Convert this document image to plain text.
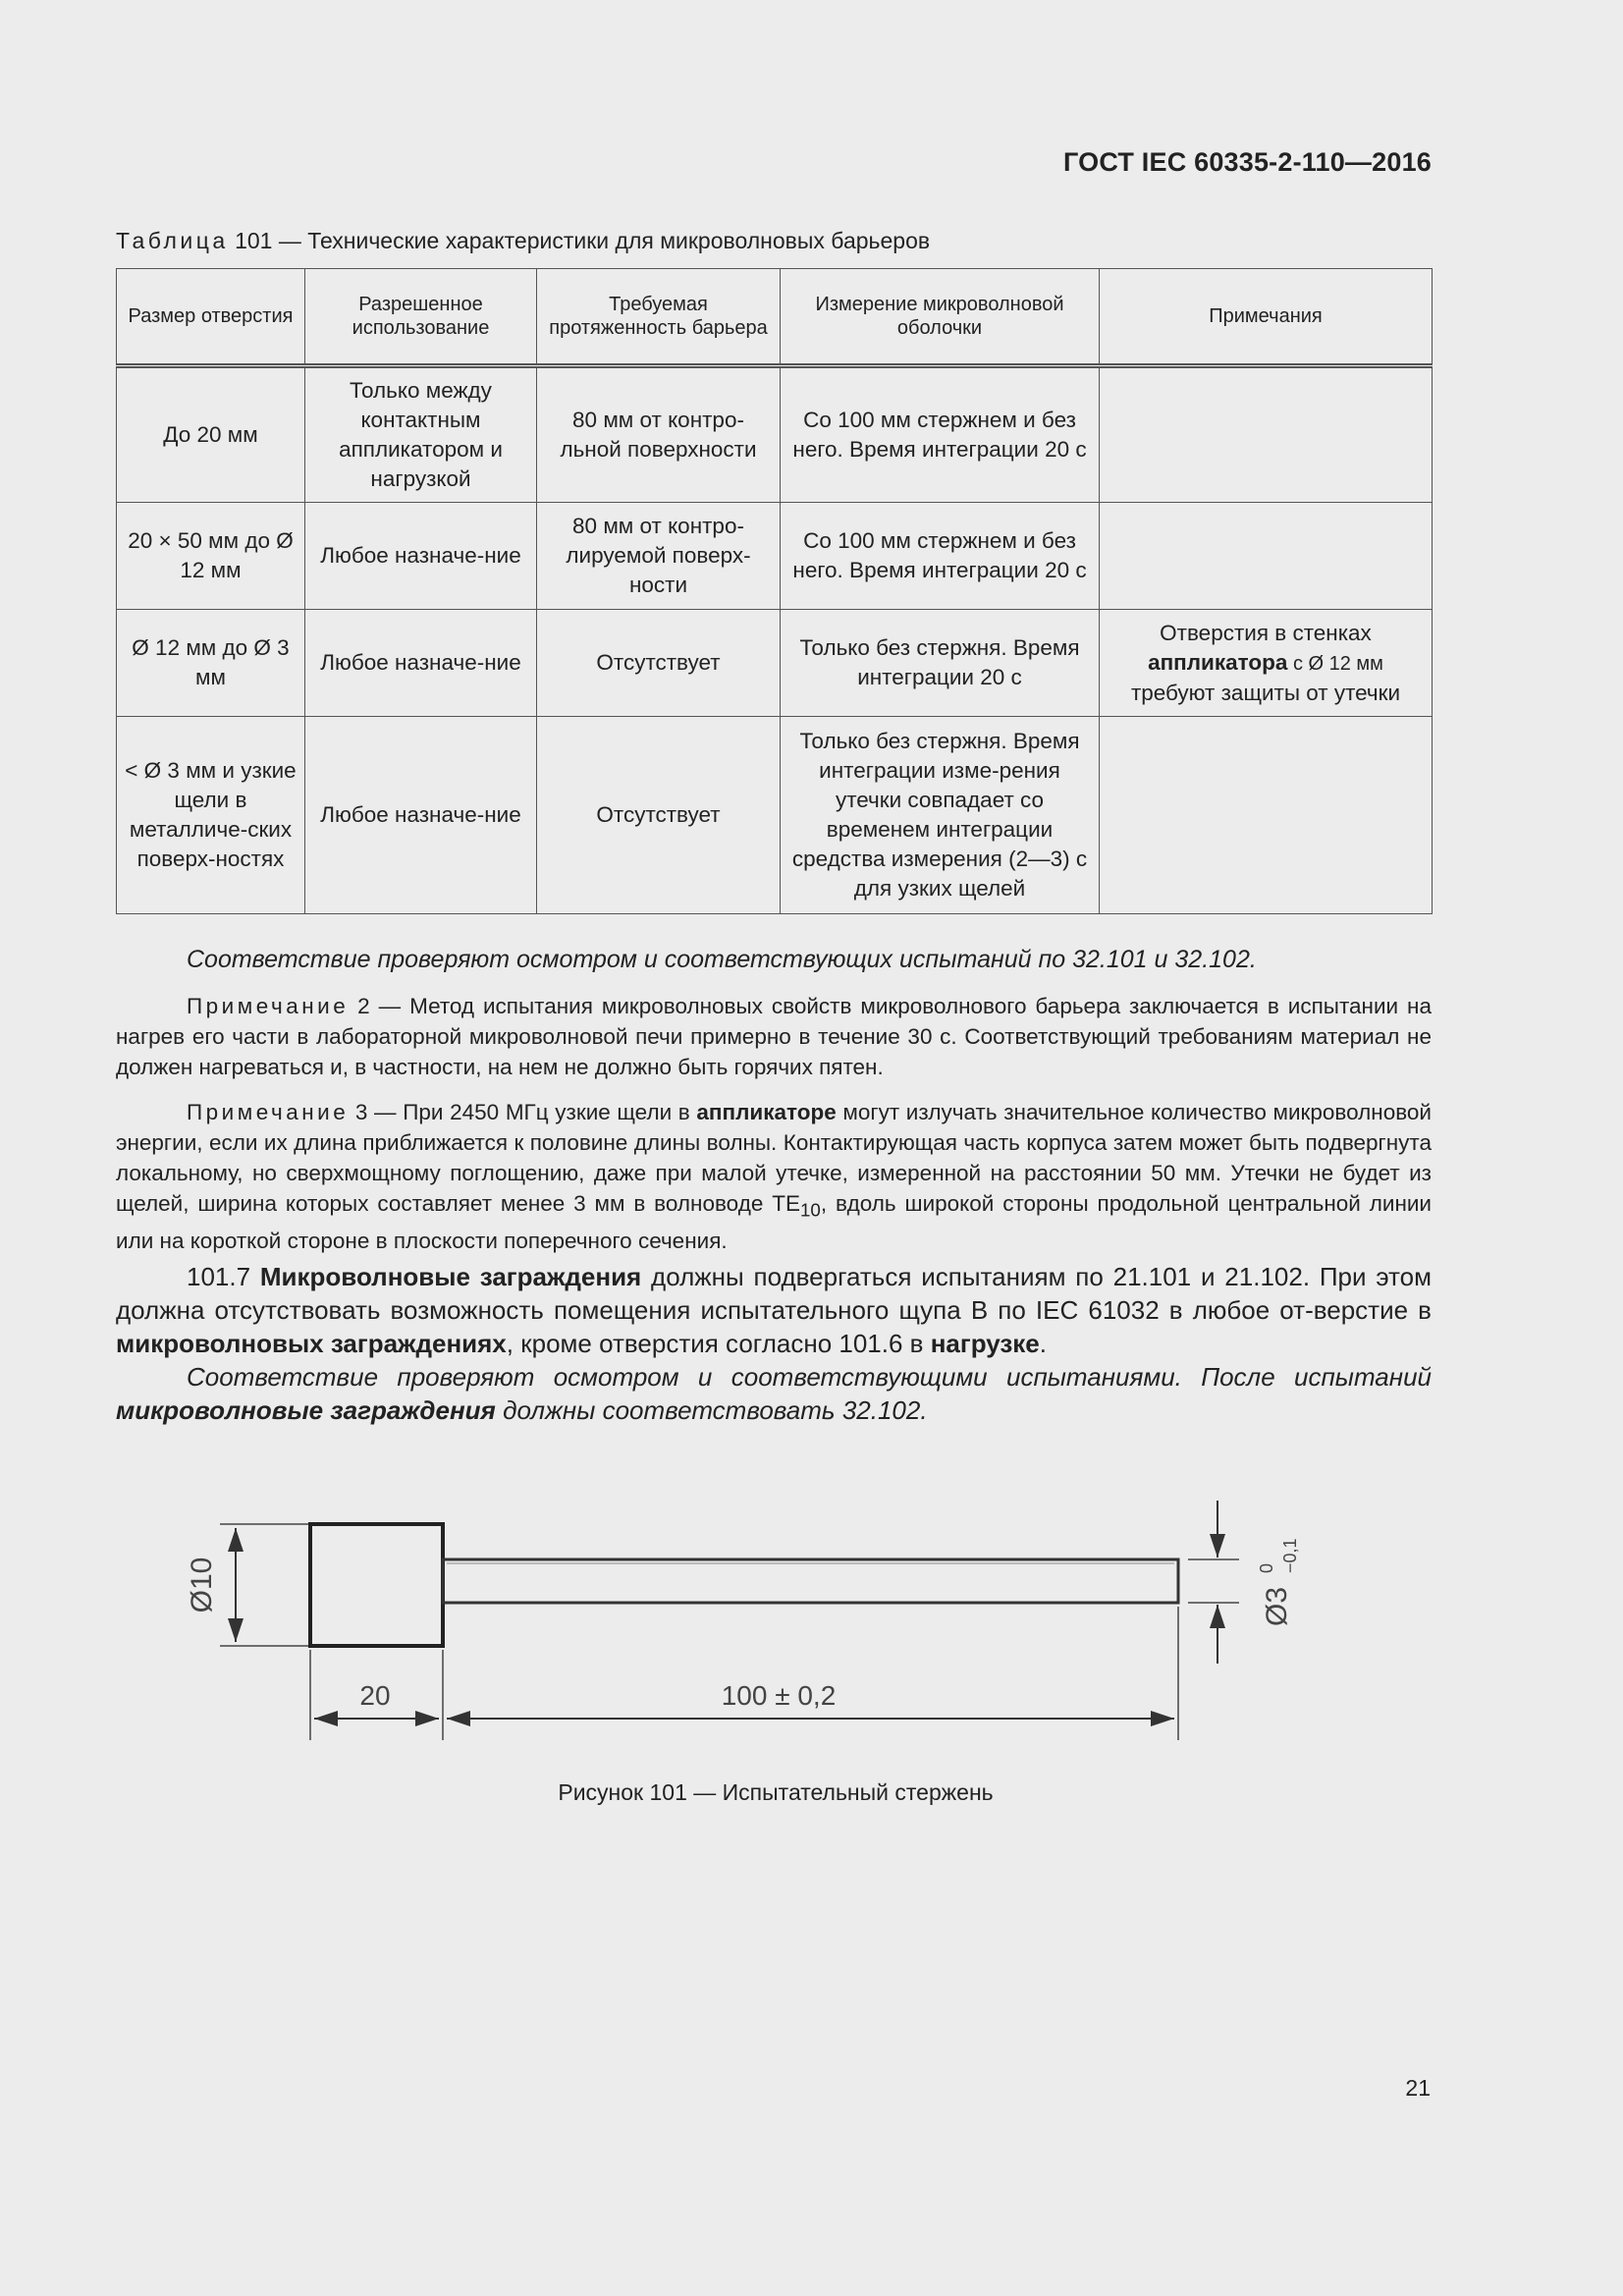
ГОСТ IEC 60335-2-110—2016
Таблица 101 — Технические характеристики для микроволновых барьеров
Размер отверстия	Разрешенное использование	Требуемая протяженность барьера	Измерение микроволновой оболочки	Примечания
До 20 мм	Только между контактным аппликатором и нагрузкой	80 мм от контро-льной поверхности	Со 100 мм стержнем и без него. Время интеграции 20 с	
20 × 50 мм до Ø 12 мм	Любое назначе-ние	80 мм от контро-лируемой поверх-ности	Со 100 мм стержнем и без него. Время интеграции 20 с	
Ø 12 мм до Ø 3 мм	Любое назначе-ние	Отсутствует	Только без стержня. Время интеграции 20 с	Отверстия в стенках
аппликатора с Ø 12 мм
требуют защиты от утечки
< Ø 3 мм и узкие щели в металличе-ских поверх-ностях	Любое назначе-ние	Отсутствует	Только без стержня. Время интеграции изме-рения утечки совпадает со временем интеграции средства измерения (2—3) с для узких щелей	
Соответствие проверяют осмотром и соответствующих испытаний по 32.101 и 32.102.
Примечание 2 — Метод испытания микроволновых свойств микроволнового барьера заключается в испытании на нагрев его части в лабораторной микроволновой печи примерно в течение 30 с. Соответствующий требованиям материал не должен нагреваться и, в частности, на нем не должно быть горячих пятен.
Примечание 3 — При 2450 МГц узкие щели в аппликаторе могут излучать значительное количество микроволновой энергии, если их длина приближается к половине длины волны. Контактирующая часть корпуса затем может быть подвергнута локальному, но сверхмощному поглощению, даже при малой утечке, измеренной на расстоянии 50 мм. Утечки не будет из щелей, ширина которых составляет менее 3 мм в волноводе $TE_{10}$, вдоль широкой стороны продольной центральной линии или на короткой стороне в плоскости поперечного сечения.
101.7 Микроволновые заграждения должны подвергаться испытаниям по 21.101 и 21.102. При этом должна отсутствовать возможность помещения испытательного щупа B по IEC 61032 в любое от-верстие в микроволновых заграждениях, кроме отверстия согласно 101.6 в нагрузке.
Соответствие проверяют осмотром и соответствующими испытаниями. После испытаний микроволновые заграждения должны соответствовать 32.102.
Ø10
20	100 ± 0,2
Ø3
0 −0,1
Рисунок 101 — Испытательный стержень
21
